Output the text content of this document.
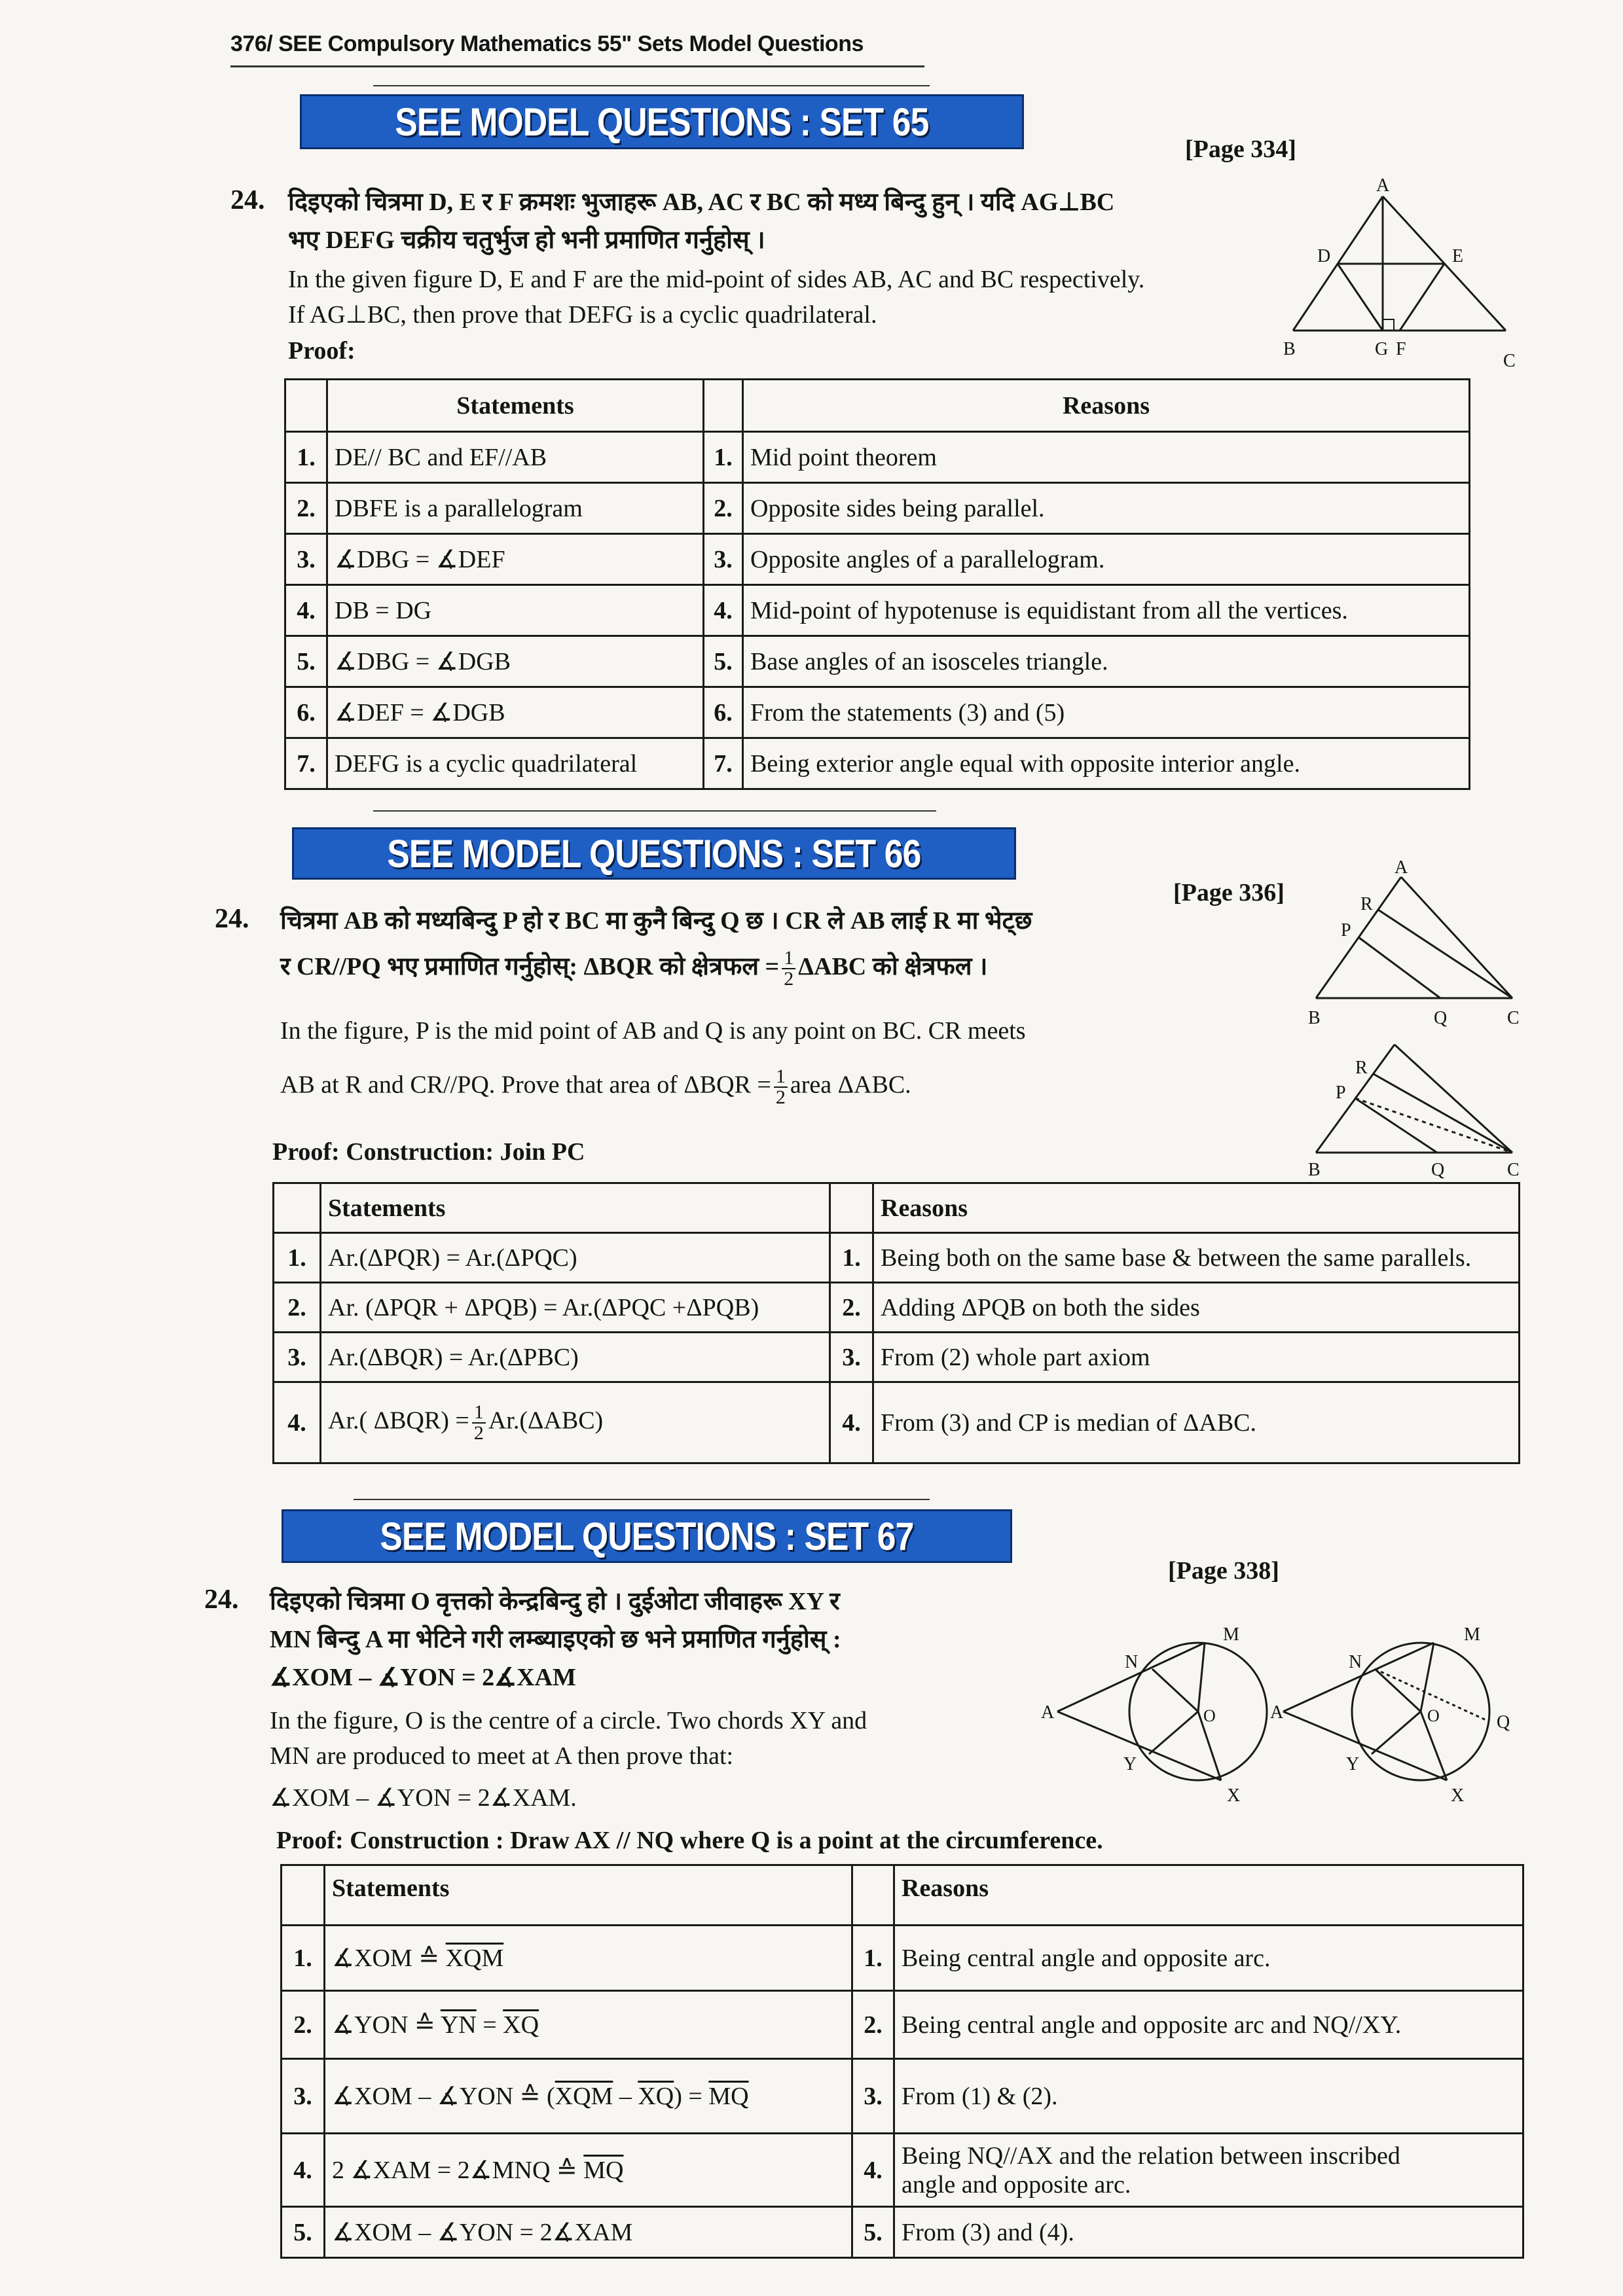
376/ SEE Compulsory Mathematics 55" Sets Model Questions
SEE MODEL QUESTIONS : SET 65
[Page 334]
24. दिइएको चित्रमा D, E र F क्रमशः भुजाहरू AB, AC र BC को मध्य बिन्दु हुन् । यदि AG⊥BC
भए DEFG चक्रीय चतुर्भुज हो भनी प्रमाणित गर्नुहोस् ।
In the given figure D, E and F are the mid-point of sides AB, AC and BC respectively.
If AG⊥BC, then prove that DEFG is a cyclic quadrilateral.
Proof:
A
D	E
B	G F
C
	Statements		Reasons
1.	DE// BC and EF//AB	1.	Mid point theorem
2.	DBFE is a parallelogram	2.	Opposite sides being parallel.
3.	∡DBG = ∡DEF	3.	Opposite angles of a parallelogram.
4.	DB = DG	4.	Mid-point of hypotenuse is equidistant from all the vertices.
5.	∡DBG = ∡DGB	5.	Base angles of an isosceles triangle.
6.	∡DEF = ∡DGB	6.	From the statements (3) and (5)
7.	DEFG is a cyclic quadrilateral	7.	Being exterior angle equal with opposite interior angle.
SEE MODEL QUESTIONS : SET 66
[Page 336]
24. चित्रमा AB को मध्यबिन्दु P हो र BC मा कुनै बिन्दु Q छ । CR ले AB लाई R मा भेट्छ
र CR//PQ भए प्रमाणित गर्नुहोस्: ΔBQR को क्षेत्रफल = $\frac{1}{2}$ ΔABC को क्षेत्रफल ।
In the figure, P is the mid point of AB and Q is any point on BC. CR meets
AB at R and CR//PQ. Prove that area of $\Delta BQR = \frac{1}{2}$ area ΔABC.
Proof: Construction: Join PC
A
R
P
B	Q	C
R
P
B	Q	C
	Statements		Reasons
1.	Ar.(ΔPQR) = Ar.(ΔPQC)	1.	Being both on the same base & between the same parallels.
2.	Ar. (ΔPQR + ΔPQB) = Ar.(ΔPQC +ΔPQB)	2.	Adding ΔPQB on both the sides
3.	Ar.(ΔBQR) = Ar.(ΔPBC)	3.	From (2) whole part axiom
4.	Ar.( $\Delta BQR) = \frac{1}{2} Ar.(\Delta ABC)$	4.	From (3) and CP is median of ΔABC.
SEE MODEL QUESTIONS : SET 67
[Page 338]
24. दिइएको चित्रमा O वृत्तको केन्द्रबिन्दु हो । दुईओटा जीवाहरू XY र
MN बिन्दु A मा भेटिने गरी लम्ब्याइएको छ भने प्रमाणित गर्नुहोस् :
∡XOM – ∡YON = 2∡XAM
In the figure, O is the centre of a circle. Two chords XY and
MN are produced to meet at A then prove that:
∡XOM – ∡YON = 2∡XAM.
Proof: Construction : Draw AX // NQ where Q is a point at the circumference.
M
N
A	O
Y
X
M
N
A	O	Q
Y
X
	Statements		Reasons
1.	∡XOM ≙ $\overline{XQM}$	1.	Being central angle and opposite arc.
2.	∡YON ≙ $\overline{YN} = \overline{XQ}$	2.	Being central angle and opposite arc and NQ//XY.
3.	∡XOM – ∡YON ≙ $(\overline{XQM} - \overline{XQ}) = \overline{MQ}$	3.	From (1) & (2).
4.	2 ∡XAM = 2∡MNQ ≙ $\overline{MQ}$	4.	Being NQ//AX and the relation between inscribed
angle and opposite arc.

5.	∡XOM – ∡YON = 2∡XAM	5.	From (3) and (4).
